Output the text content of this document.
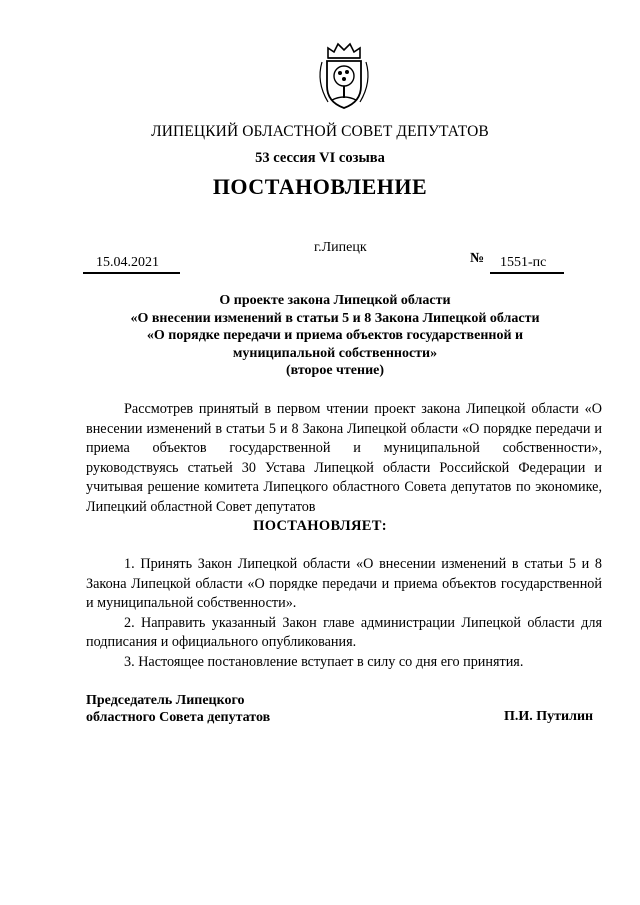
ЛИПЕЦКИЙ ОБЛАСТНОЙ СОВЕТ ДЕПУТАТОВ
53 сессия VI созыва
ПОСТАНОВЛЕНИЕ
г.Липецк
15.04.2021	№ 1551-пс
О проекте закона Липецкой области
«О внесении изменений в статьи 5 и 8 Закона Липецкой области
«О порядке передачи и приема объектов государственной и
муниципальной собственности»
(второе чтение)
Рассмотрев принятый в первом чтении проект закона Липецкой области «О внесении изменений в статьи 5 и 8 Закона Липецкой области «О порядке передачи и приема объектов государственной и муниципальной собственности», руководствуясь статьей 30 Устава Липецкой области Российской Федерации и учитывая решение комитета Липецкого областного Совета депутатов по экономике, Липецкий областной Совет депутатов
ПОСТАНОВЛЯЕТ:

1. Принять Закон Липецкой области «О внесении изменений в статьи 5 и 8 Закона Липецкой области «О порядке передачи и приема объектов государственной и муниципальной собственности».

2. Направить указанный Закон главе администрации Липецкой области для подписания и официального опубликования.

3. Настоящее постановление вступает в силу со дня его принятия.

Председатель Липецкого
областного Совета депутатов	П.И. Путилин
